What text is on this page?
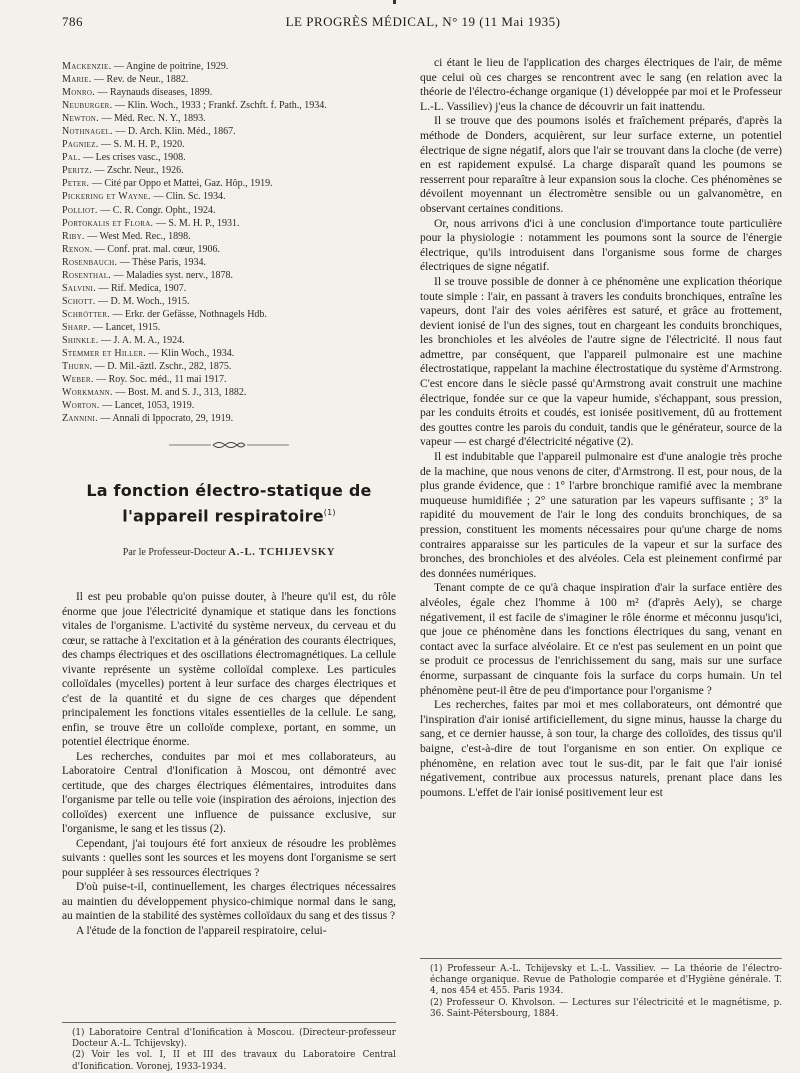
786	LE PROGRÈS MÉDICAL, N° 19 (11 Mai 1935)
Mackenzie. — Angine de poitrine, 1929.
Marie. — Rev. de Neur., 1882.
Monro. — Raynauds diseases, 1899.
Neuburger. — Klin. Woch., 1933 ; Frankf. Zschft. f. Path., 1934.
Newton. — Méd. Rec. N. Y., 1893.
Nothnagel. — D. Arch. Klin. Méd., 1867.
Pagniez. — S. M. H. P., 1920.
Pal. — Les crises vasc., 1908.
Peritz. — Zschr. Neur., 1926.
Peter. — Cité par Oppo et Mattei, Gaz. Hôp., 1919.
Pickering et Wayne. — Clin. Sc. 1934.
Polliot. — C. R. Congr. Opht., 1924.
Portokalis et Flora. — S. M. H. P., 1931.
Riby. — West Med. Rec., 1898.
Renon. — Conf. prat. mal. cœur, 1906.
Rosenbauch. — Thèse Paris, 1934.
Rosenthal. — Maladies syst. nerv., 1878.
Salvini. — Rif. Medica, 1907.
Schott. — D. M. Woch., 1915.
Schrötter. — Erkr. der Gefässe, Nothnagels Hdb.
Sharp. — Lancet, 1915.
Shinkle. — J. A. M. A., 1924.
Stemmer et Hiller. — Klin Woch., 1934.
Thurn. — D. Mil.-äztl. Zschr., 282, 1875.
Weber. — Roy. Soc. méd., 11 mai 1917.
Workmann. — Bost. M. and S. J., 313, 1882.
Worton. — Lancet, 1053, 1919.
Zannini. — Annali di Ippocrato, 29, 1919.
La fonction électro-statique de
l'appareil respiratoire$^{(1)}$
Par le Professeur-Docteur A.-L. TCHIJEVSKY

Il est peu probable qu'on puisse douter, à l'heure qu'il est, du rôle énorme que joue l'électricité dynamique et statique dans les fonctions vitales de l'organisme. L'activité du système nerveux, du cerveau et du cœur, se rattache à l'excitation et à la génération des courants électriques, des champs électriques et des oscillations électromagnétiques. La cellule vivante représente un système colloïdal complexe. Les particules colloïdales (mycelles) portent à leur surface des charges électriques et c'est de la quantité et du signe de ces charges que dépendent principalement les fonctions vitales essentielles de la cellule. Le sang, enfin, se trouve être un colloïde complexe, portant, en somme, un potentiel électrique énorme.

Les recherches, conduites par moi et mes collaborateurs, au Laboratoire Central d'Ionification à Moscou, ont démontré avec certitude, que des charges électriques élémentaires, introduites dans l'organisme par telle ou telle voie (inspiration des aéroions, injection des colloïdes) exercent une influence de puissance exclusive, sur l'organisme, le sang et les tissus (2).

Cependant, j'ai toujours été fort anxieux de résoudre les problèmes suivants : quelles sont les sources et les moyens dont l'organisme se sert pour suppléer à ses ressources électriques ?

D'où puise-t-il, continuellement, les charges électriques nécessaires au maintien du développement physico-chimique normal dans le sang, au maintien de la stabilité des systèmes colloïdaux du sang et des tissus ?

A l'étude de la fonction de l'appareil respiratoire, celui-

(1) Laboratoire Central d'Ionification à Moscou. (Directeur-professeur Docteur A.-L. Tchijevsky).

(2) Voir les vol. I, II et III des travaux du Laboratoire Central d'Ionification. Voronej, 1933-1934.

ci étant le lieu de l'application des charges électriques de l'air, de même que celui où ces charges se rencontrent avec le sang (en relation avec la théorie de l'électro-échange organique (1) développée par moi et le Professeur L.-L. Vassiliev) j'eus la chance de découvrir un fait inattendu.

Il se trouve que des poumons isolés et fraîchement préparés, d'après la méthode de Donders, acquièrent, sur leur surface externe, un potentiel électrique de signe négatif, alors que l'air se trouvant dans la cloche (de verre) en est rapidement expulsé. La charge disparaît quand les poumons se resserrent pour reparaître à leur expansion sous la cloche. Ces phénomènes se dévoilent moyennant un électromètre sensible ou un galvanomètre, en observant certaines conditions.

Or, nous arrivons d'ici à une conclusion d'importance toute particulière pour la physiologie : notamment les poumons sont la source de l'énergie électrique, qu'ils introduisent dans l'organisme sous forme de charges électriques de signe négatif.

Il se trouve possible de donner à ce phénomène une explication théorique toute simple : l'air, en passant à travers les conduits bronchiques, entraîne les vapeurs, dont l'air des voies aérifères est saturé, et grâce au frottement, devient ionisé de l'un des signes, tout en chargeant les conduits bronchiques, les bronchioles et les alvéoles de l'autre signe de l'électricité. Il nous faut admettre, par conséquent, que l'appareil pulmonaire est une machine électrostatique, rappelant la machine électrostatique du système d'Armstrong. C'est encore dans le siècle passé qu'Armstrong avait construit une machine électrique, fondée sur ce que la vapeur humide, s'échappant, sous pression, par les conduits étroits et coudés, est ionisée positivement, dû au frottement des gouttes contre les parois du conduit, tandis que le générateur, source de la vapeur — est chargé d'électricité négative (2).

Il est indubitable que l'appareil pulmonaire est d'une analogie très proche de la machine, que nous venons de citer, d'Armstrong. Il est, pour nous, de la plus grande évidence, que : 1° l'arbre bronchique ramifié avec la membrane muqueuse humidifiée ; 2° une saturation par les vapeurs suffisante ; 3° la rapidité du mouvement de l'air le long des conduits bronchiques, de sa pression, constituent les moments nécessaires pour qu'une charge de noms contraires apparaisse sur les particules de la vapeur et sur la surface des bronches, des bronchioles et des alvéoles. Cela est pleinement confirmé par des données numériques.

Tenant compte de ce qu'à chaque inspiration d'air la surface entière des alvéoles, égale chez l'homme à 100 m² (d'après Aely), se charge négativement, il est facile de s'imaginer le rôle énorme et méconnu jusqu'ici, que joue ce phénomène dans les fonctions électriques du sang, venant en contact avec la surface alvéolaire. Et ce n'est pas seulement en un point que se produit ce processus de l'enrichissement du sang, mais sur une surface énorme, surpassant de cinquante fois la surface du corps humain. Un tel phénomène peut-il être de peu d'importance pour l'organisme ?

Les recherches, faites par moi et mes collaborateurs, ont démontré que l'inspiration d'air ionisé artificiellement, du signe minus, hausse la charge du sang, et ce dernier hausse, à son tour, la charge des colloïdes, des tissus qu'il baigne, c'est-à-dire de tout l'organisme en son entier. On explique ce phénomène, en relation avec tout le sus-dit, par le fait que l'air ionisé négativement, contribue aux processus naturels, prenant place dans les poumons. L'effet de l'air ionisé positivement leur est

(1) Professeur A.-L. Tchijevsky et L.-L. Vassiliev. — La théorie de l'électro-échange organique. Revue de Pathologie comparée et d'Hygiène générale. T. 4, nos 454 et 455. Paris 1934.

(2) Professeur O. Khvolson. — Lectures sur l'électricité et le magnétisme, p. 36. Saint-Pétersbourg, 1884.
